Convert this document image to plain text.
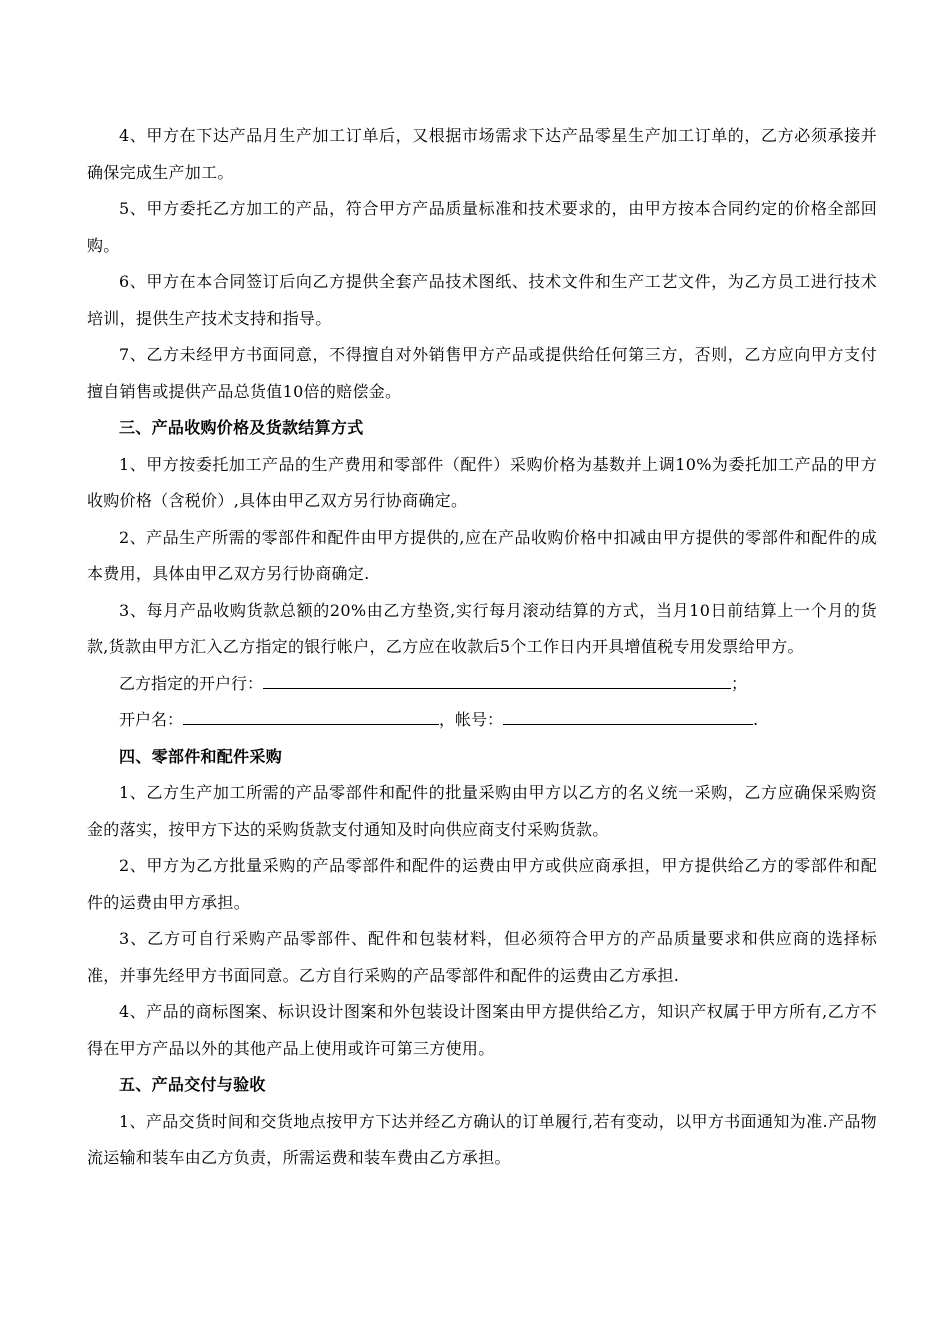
4、甲方在下达产品月生产加工订单后，又根据市场需求下达产品零星生产加工订单的，乙方必须承接并确保完成生产加工。

5、甲方委托乙方加工的产品，符合甲方产品质量标准和技术要求的，由甲方按本合同约定的价格全部回购。

6、甲方在本合同签订后向乙方提供全套产品技术图纸、技术文件和生产工艺文件，为乙方员工进行技术培训，提供生产技术支持和指导。

7、乙方未经甲方书面同意，不得擅自对外销售甲方产品或提供给任何第三方，否则，乙方应向甲方支付擅自销售或提供产品总货值10倍的赔偿金。

三、产品收购价格及货款结算方式

1、甲方按委托加工产品的生产费用和零部件（配件）采购价格为基数并上调10%为委托加工产品的甲方收购价格（含税价）,具体由甲乙双方另行协商确定。

2、产品生产所需的零部件和配件由甲方提供的,应在产品收购价格中扣减由甲方提供的零部件和配件的成本费用，具体由甲乙双方另行协商确定.

3、每月产品收购货款总额的20%由乙方垫资,实行每月滚动结算的方式，当月10日前结算上一个月的货款,货款由甲方汇入乙方指定的银行帐户，乙方应在收款后5个工作日内开具增值税专用发票给甲方。

乙方指定的开户行：	；

开户名：	，帐号：	.

四、零部件和配件采购

1、乙方生产加工所需的产品零部件和配件的批量采购由甲方以乙方的名义统一采购，乙方应确保采购资金的落实，按甲方下达的采购货款支付通知及时向供应商支付采购货款。

2、甲方为乙方批量采购的产品零部件和配件的运费由甲方或供应商承担，甲方提供给乙方的零部件和配件的运费由甲方承担。

3、乙方可自行采购产品零部件、配件和包装材料，但必须符合甲方的产品质量要求和供应商的选择标准，并事先经甲方书面同意。乙方自行采购的产品零部件和配件的运费由乙方承担.

4、产品的商标图案、标识设计图案和外包装设计图案由甲方提供给乙方，知识产权属于甲方所有,乙方不得在甲方产品以外的其他产品上使用或许可第三方使用。

五、产品交付与验收

1、产品交货时间和交货地点按甲方下达并经乙方确认的订单履行,若有变动，以甲方书面通知为准.产品物流运输和装车由乙方负责，所需运费和装车费由乙方承担。
